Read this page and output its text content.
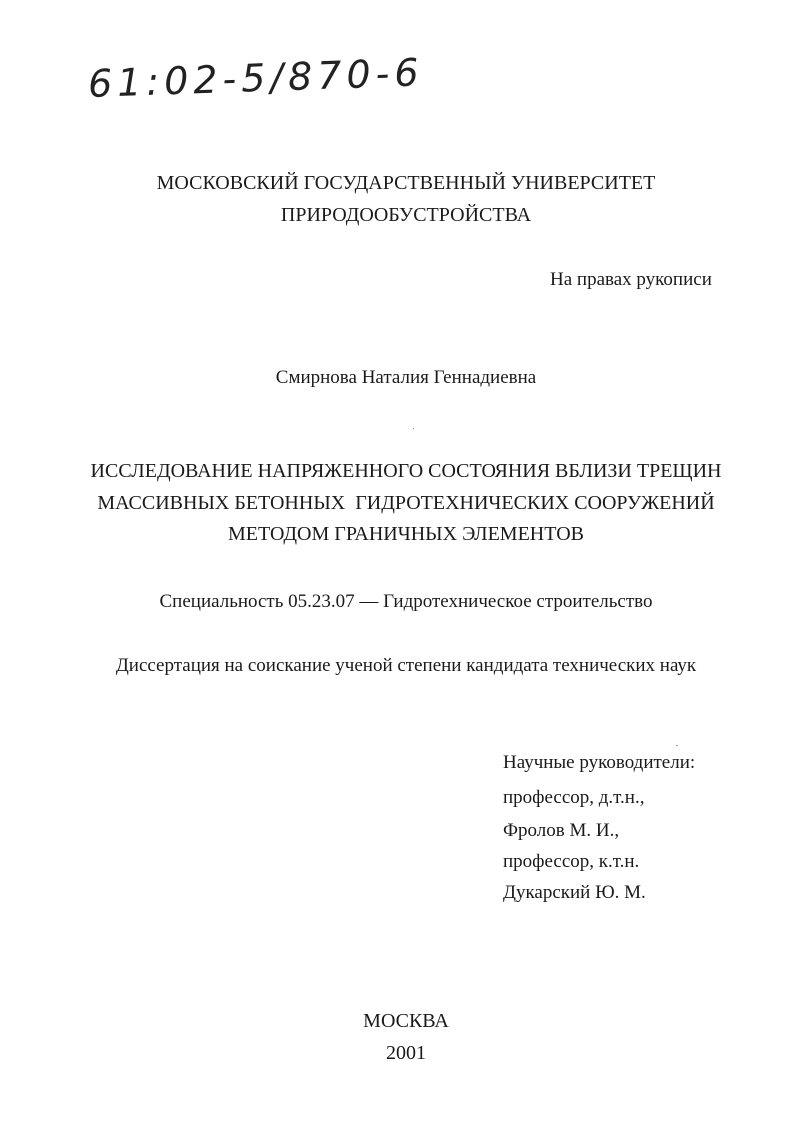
61:02-5/870-6
МОСКОВСКИЙ ГОСУДАРСТВЕННЫЙ УНИВЕРСИТЕТ
ПРИРОДООБУСТРОЙСТВА
На правах рукописи
Смирнова Наталия Геннадиевна
ИССЛЕДОВАНИЕ НАПРЯЖЕННОГО СОСТОЯНИЯ ВБЛИЗИ ТРЕЩИН
МАССИВНЫХ БЕТОННЫХ  ГИДРОТЕХНИЧЕСКИХ СООРУЖЕНИЙ
МЕТОДОМ ГРАНИЧНЫХ ЭЛЕМЕНТОВ
Специальность 05.23.07 — Гидротехническое строительство
Диссертация на соискание ученой степени кандидата технических наук
Научные руководители:
профессор, д.т.н.,
Фролов М. И.,
профессор, к.т.н.
Дукарский Ю. М.
МОСКВА
2001
